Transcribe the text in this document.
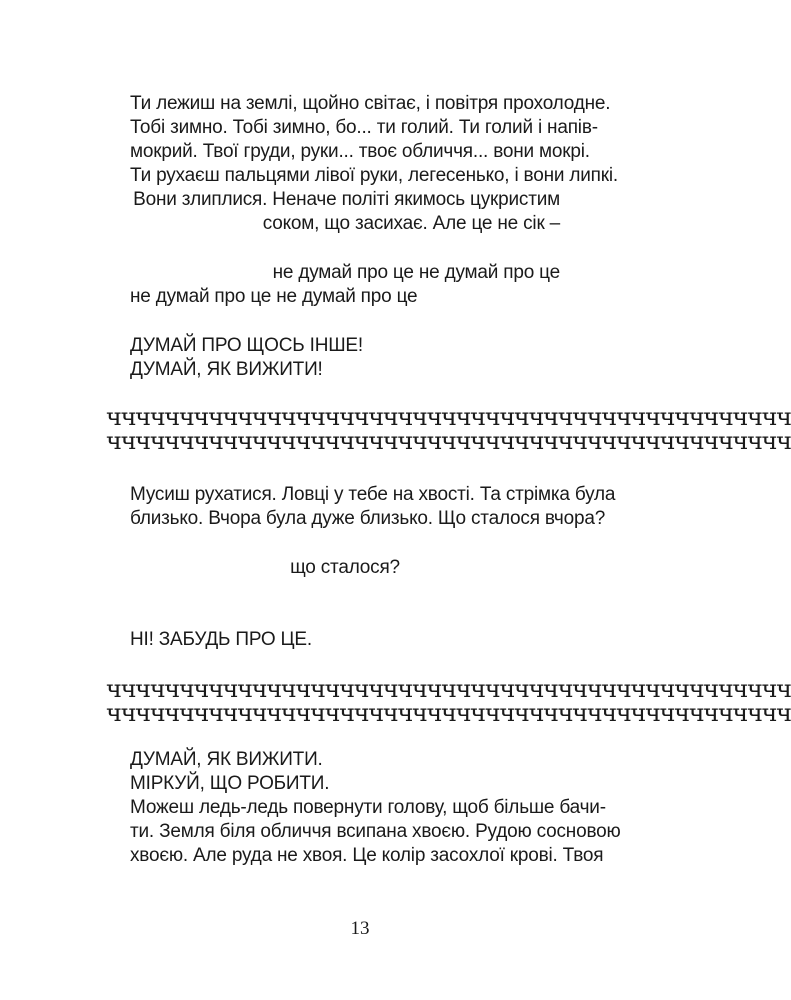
Ти лежиш на землі, щойно світає, і повітря прохолодне.
Тобі зимно. Тобі зимно, бо... ти голий. Ти голий і напів-
мокрий. Твої груди, руки... твоє обличчя... вони мокрі.
Ти рухаєш пальцями лівої руки, легесенько, і вони липкі.
Вони злиплися. Неначе політі якимось цукристим
соком, що засихає. Але це не сік –
не думай про це не думай про це
не думай про це не думай про це
ДУМАЙ ПРО ЩОСЬ ІНШЕ!
ДУМАЙ, ЯК ВИЖИТИ!
ччччччччччччччччччччччччччччччччччччччччччччччч
ччччччччччччччччччччччччччччччччччччччччччччччч
Мусиш рухатися. Ловці у тебе на хвості. Та стрімка була
близько. Вчора була дуже близько. Що сталося вчора?
що сталося?
НІ! ЗАБУДЬ ПРО ЦЕ.
ччччччччччччччччччччччччччччччччччччччччччччччч
ччччччччччччччччччччччччччччччччччччччччччччччч
ДУМАЙ, ЯК ВИЖИТИ.
МІРКУЙ, ЩО РОБИТИ.
Можеш ледь-ледь повернути голову, щоб більше бачи-
ти. Земля біля обличчя всипана хвоєю. Рудою сосновою
хвоєю. Але руда не хвоя. Це колір засохлої крові. Твоя
13
